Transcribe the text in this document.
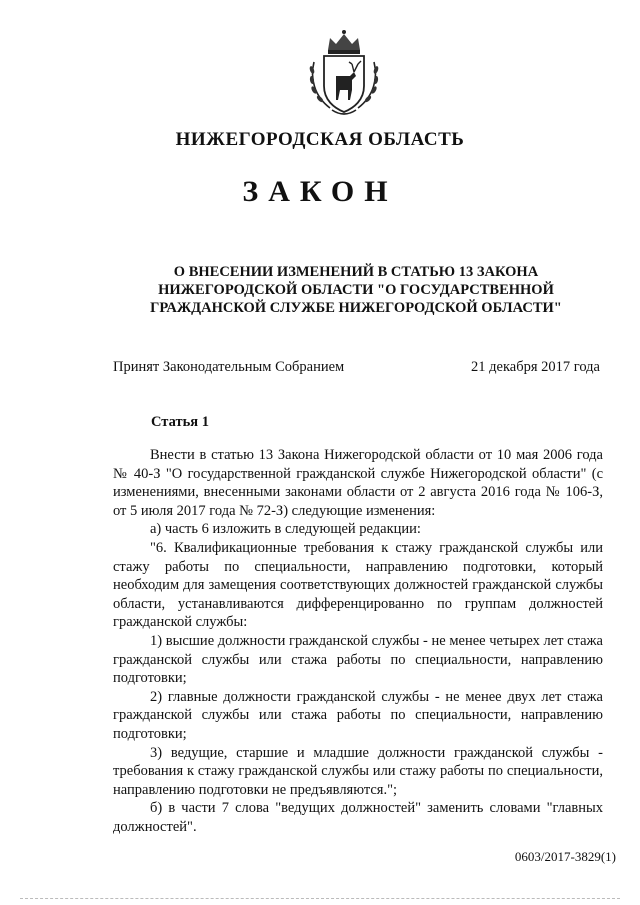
НИЖЕГОРОДСКАЯ ОБЛАСТЬ
ЗАКОН
О ВНЕСЕНИИ ИЗМЕНЕНИЙ В СТАТЬЮ 13 ЗАКОНА
НИЖЕГОРОДСКОЙ ОБЛАСТИ "О ГОСУДАРСТВЕННОЙ
ГРАЖДАНСКОЙ СЛУЖБЕ НИЖЕГОРОДСКОЙ ОБЛАСТИ"
Принят Законодательным Собранием	21 декабря 2017 года
Статья 1

Внести в статью 13 Закона Нижегородской области от 10 мая 2006 года № 40-З "О государственной гражданской службе Нижегородской области" (с изменениями, внесенными законами области от 2 августа 2016 года № 106-З, от 5 июля 2017 года № 72-З) следующие изменения:

а) часть 6 изложить в следующей редакции:

"6. Квалификационные требования к стажу гражданской службы или стажу работы по специальности, направлению подготовки, который необходим для замещения соответствующих должностей гражданской службы области, устанавливаются дифференцированно по группам должностей гражданской службы:

1) высшие должности гражданской службы - не менее четырех лет стажа гражданской службы или стажа работы по специальности, направлению подготовки;

2) главные должности гражданской службы - не менее двух лет стажа гражданской службы или стажа работы по специальности, направлению подготовки;

3) ведущие, старшие и младшие должности гражданской службы - требования к стажу гражданской службы или стажу работы по специальности, направлению подготовки не предъявляются.";

б) в части 7 слова "ведущих должностей" заменить словами "главных должностей".

0603/2017-3829(1)
